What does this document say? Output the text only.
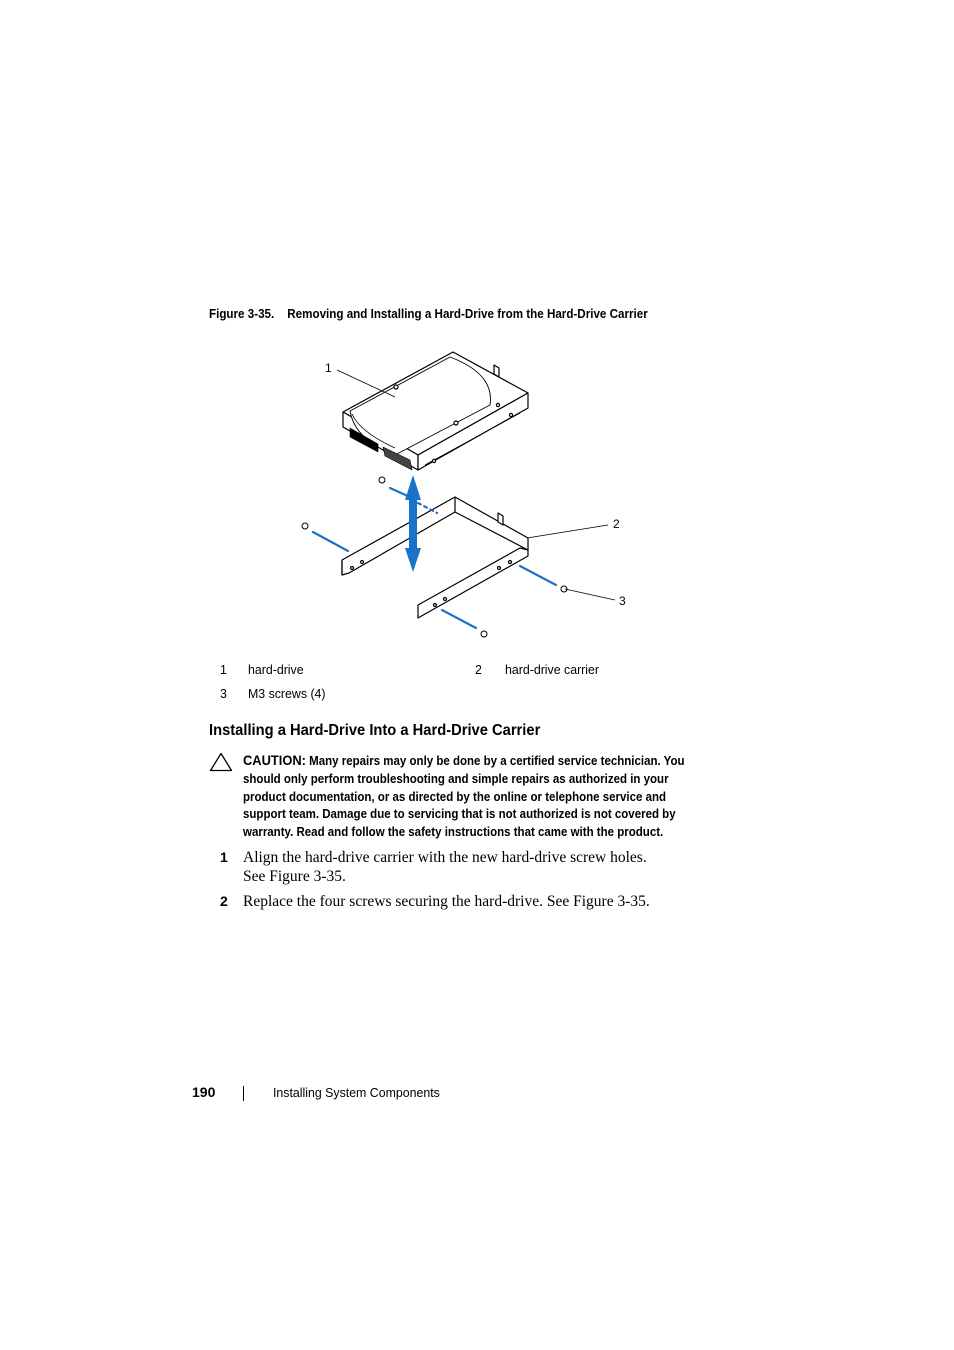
Figure 3-35. Removing and Installing a Hard-Drive from the Hard-Drive Carrier
1
2
3
1 hard-drive	2 hard-drive carrier
3 M3 screws (4)
Installing a Hard-Drive Into a Hard-Drive Carrier
CAUTION: Many repairs may only be done by a certified service technician. You should only perform troubleshooting and simple repairs as authorized in your product documentation, or as directed by the online or telephone service and support team. Damage due to servicing that is not authorized is not covered by warranty. Read and follow the safety instructions that came with the product.
1 Align the hard-drive carrier with the new hard-drive screw holes.
See Figure 3-35.
2 Replace the four screws securing the hard-drive. See Figure 3-35.
190	Installing System Components
